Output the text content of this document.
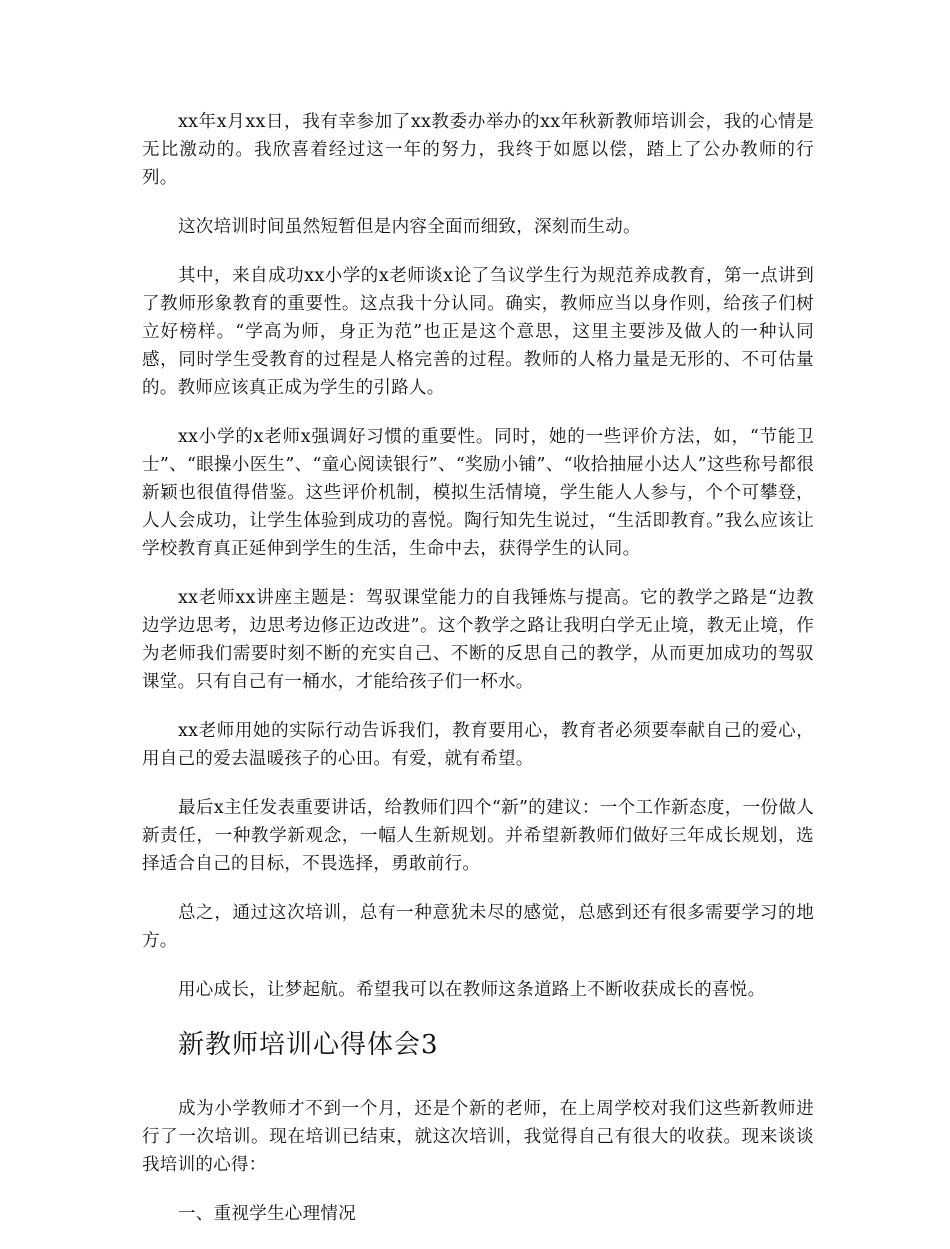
xx年x月xx日，我有幸参加了xx教委办举办的xx年秋新教师培训会，我的心情是无比激动的。我欣喜着经过这一年的努力，我终于如愿以偿，踏上了公办教师的行列。

这次培训时间虽然短暂但是内容全面而细致，深刻而生动。

其中，来自成功xx小学的x老师谈x论了刍议学生行为规范养成教育，第一点讲到了教师形象教育的重要性。这点我十分认同。确实，教师应当以身作则，给孩子们树立好榜样。“学高为师，身正为范”也正是这个意思，这里主要涉及做人的一种认同感，同时学生受教育的过程是人格完善的过程。教师的人格力量是无形的、不可估量的。教师应该真正成为学生的引路人。

xx小学的x老师x强调好习惯的重要性。同时，她的一些评价方法，如，“节能卫士”、“眼操小医生”、“童心阅读银行”、“奖励小铺”、“收拾抽屉小达人”这些称号都很新颖也很值得借鉴。这些评价机制，模拟生活情境，学生能人人参与，个个可攀登，人人会成功，让学生体验到成功的喜悦。陶行知先生说过，“生活即教育。”我么应该让学校教育真正延伸到学生的生活，生命中去，获得学生的认同。

xx老师xx讲座主题是：驾驭课堂能力的自我锤炼与提高。它的教学之路是“边教边学边思考，边思考边修正边改进”。这个教学之路让我明白学无止境，教无止境，作为老师我们需要时刻不断的充实自己、不断的反思自己的教学，从而更加成功的驾驭课堂。只有自己有一桶水，才能给孩子们一杯水。

xx老师用她的实际行动告诉我们，教育要用心，教育者必须要奉献自己的爱心，用自己的爱去温暖孩子的心田。有爱，就有希望。

最后x主任发表重要讲话，给教师们四个“新”的建议：一个工作新态度，一份做人新责任，一种教学新观念，一幅人生新规划。并希望新教师们做好三年成长规划，选择适合自己的目标，不畏选择，勇敢前行。

总之，通过这次培训，总有一种意犹未尽的感觉，总感到还有很多需要学习的地方。

用心成长，让梦起航。希望我可以在教师这条道路上不断收获成长的喜悦。

新教师培训心得体会3

成为小学教师才不到一个月，还是个新的老师，在上周学校对我们这些新教师进行了一次培训。现在培训已结束，就这次培训，我觉得自己有很大的收获。现来谈谈我培训的心得：

一、重视学生心理情况
